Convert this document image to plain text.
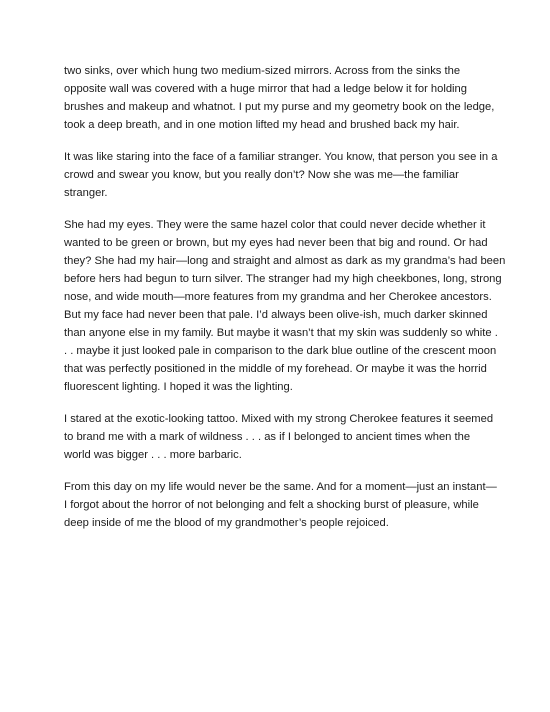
two sinks, over which hung two medium-sized mirrors. Across from the sinks the
opposite wall was covered with a huge mirror that had a ledge below it for holding
brushes and makeup and whatnot. I put my purse and my geometry book on the ledge,
took a deep breath, and in one motion lifted my head and brushed back my hair.

It was like staring into the face of a familiar stranger. You know, that person you see in a
crowd and swear you know, but you really don’t? Now she was me—the familiar
stranger.

She had my eyes. They were the same hazel color that could never decide whether it
wanted to be green or brown, but my eyes had never been that big and round. Or had
they? She had my hair—long and straight and almost as dark as my grandma’s had been
before hers had begun to turn silver. The stranger had my high cheekbones, long, strong
nose, and wide mouth—more features from my grandma and her Cherokee ancestors.
But my face had never been that pale. I’d always been olive-ish, much darker skinned
than anyone else in my family. But maybe it wasn’t that my skin was suddenly so white .
. . maybe it just looked pale in comparison to the dark blue outline of the crescent moon
that was perfectly positioned in the middle of my forehead. Or maybe it was the horrid
fluorescent lighting. I hoped it was the lighting.

I stared at the exotic-looking tattoo. Mixed with my strong Cherokee features it seemed
to brand me with a mark of wildness . . . as if I belonged to ancient times when the
world was bigger . . . more barbaric.

From this day on my life would never be the same. And for a moment—just an instant—
I forgot about the horror of not belonging and felt a shocking burst of pleasure, while
deep inside of me the blood of my grandmother’s people rejoiced.
